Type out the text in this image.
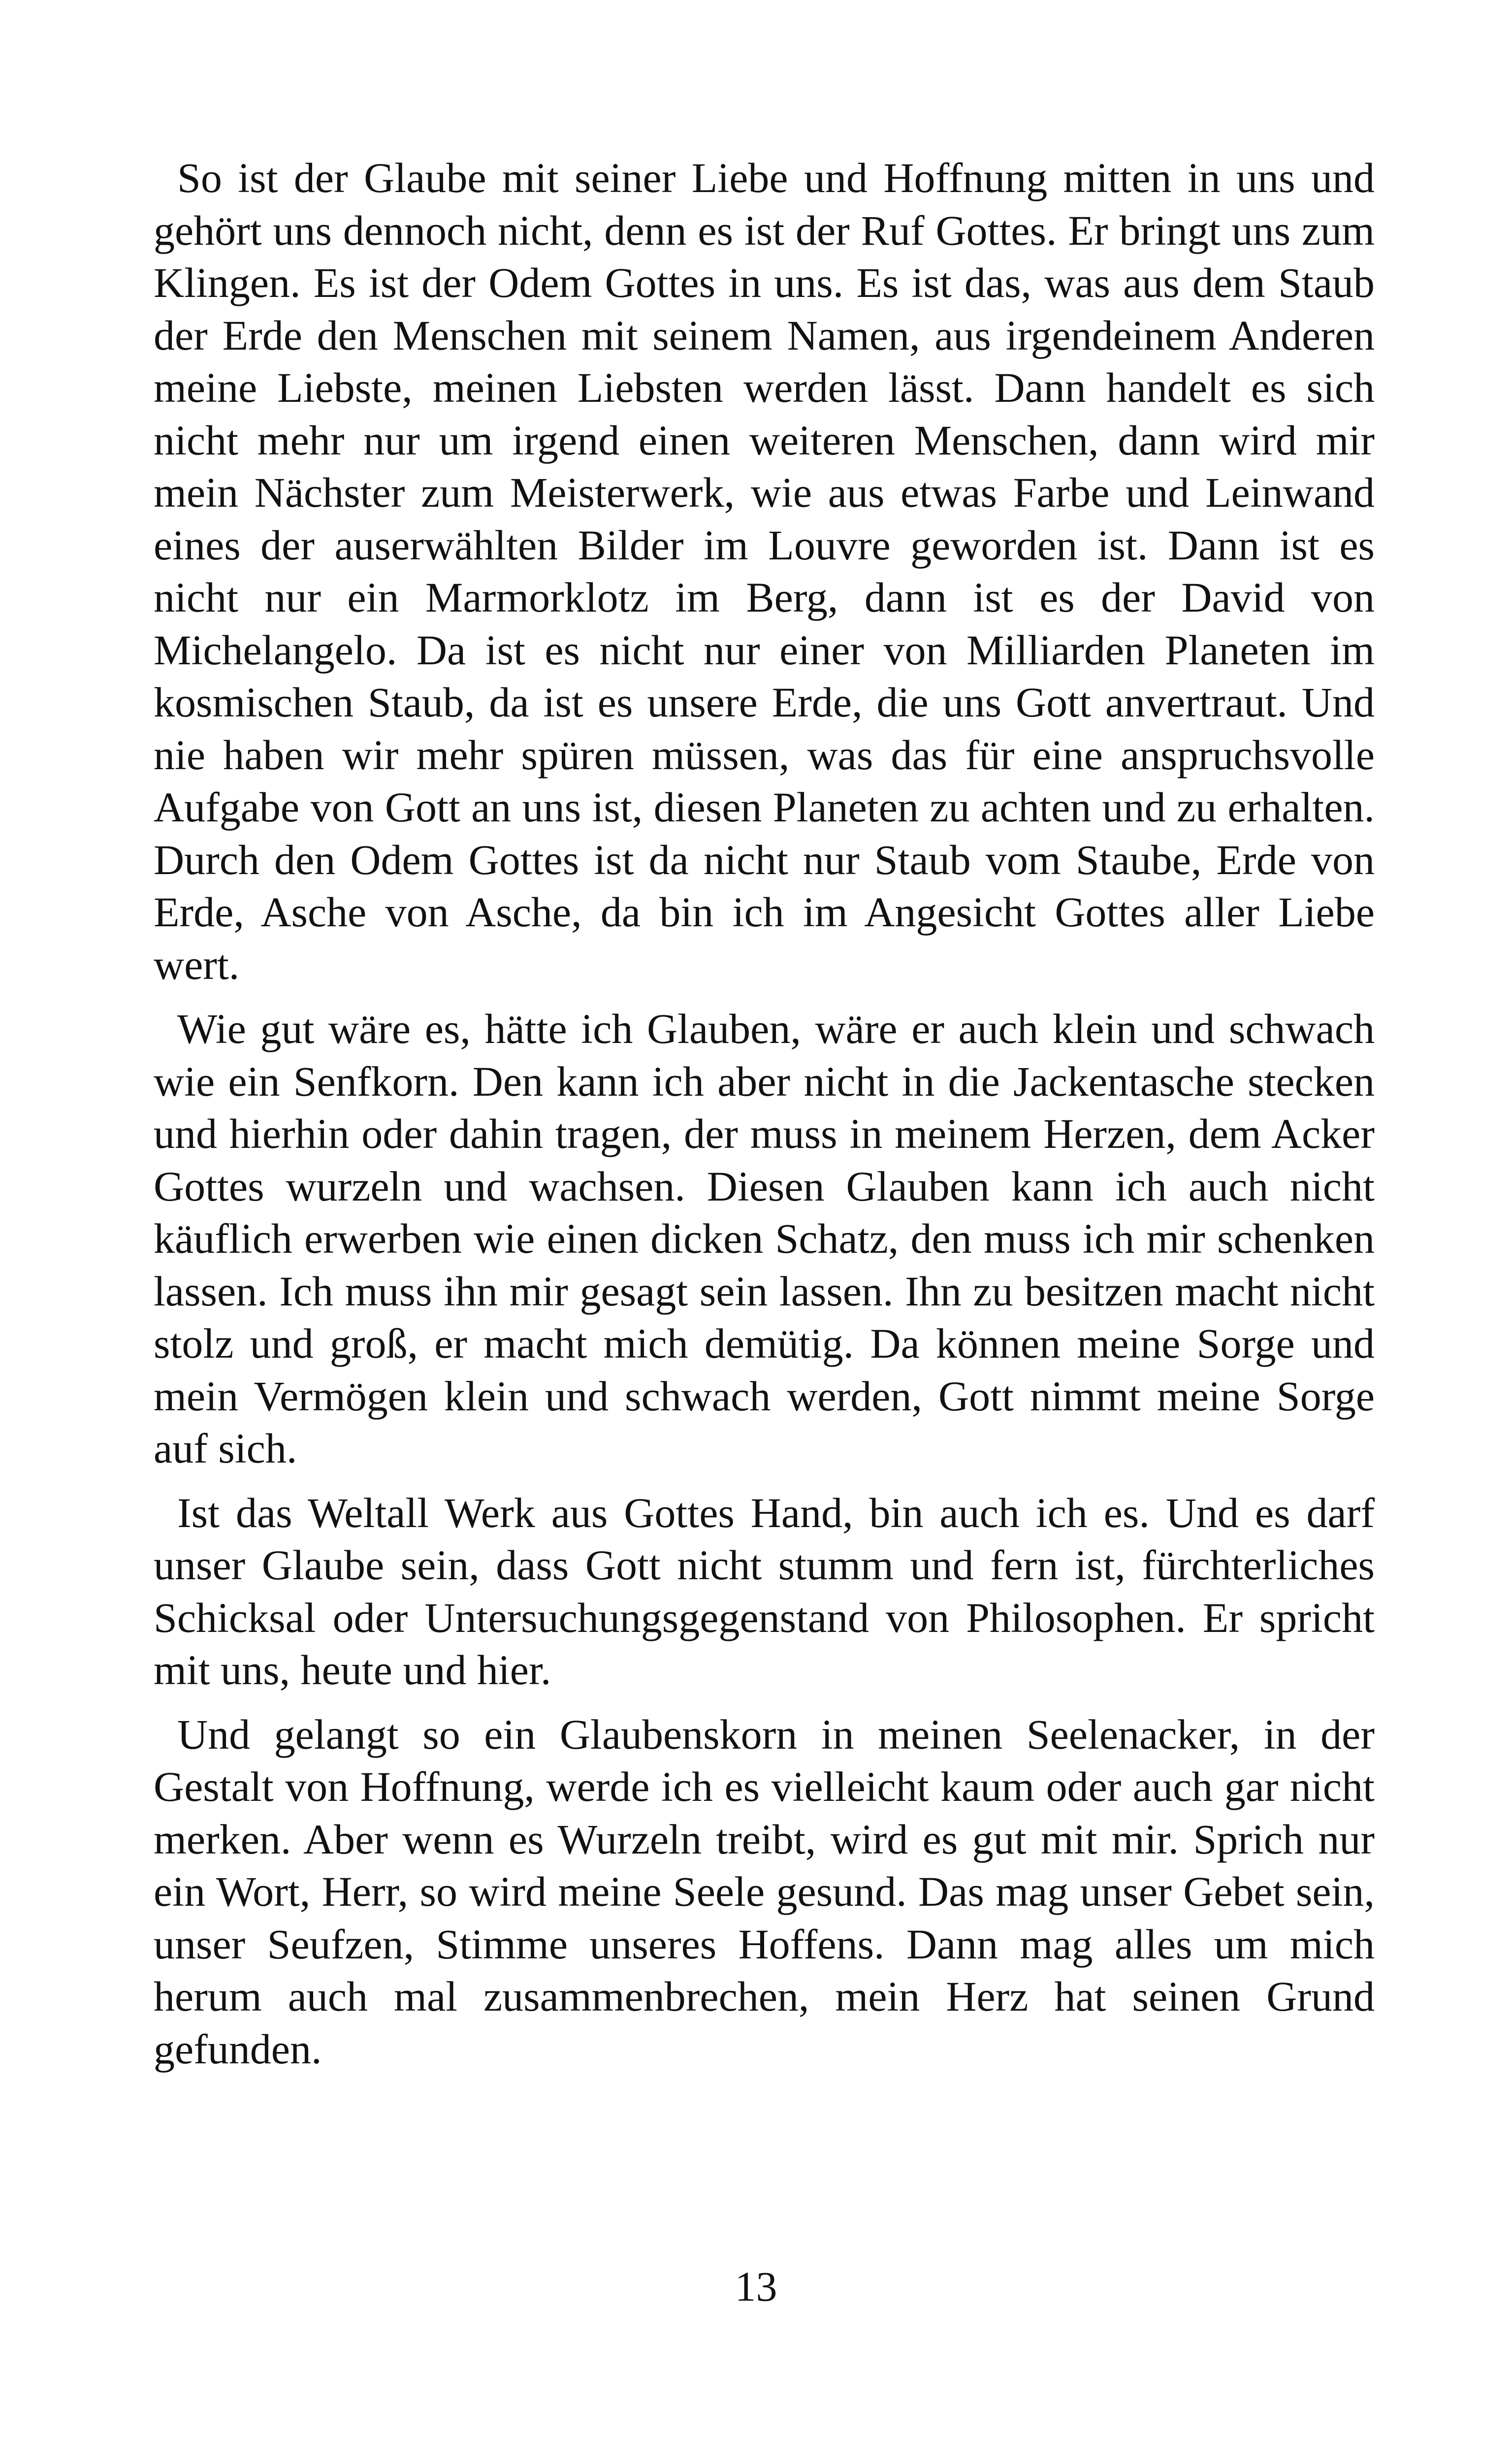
So ist der Glaube mit seiner Liebe und Hoffnung mitten in uns und gehört uns dennoch nicht, denn es ist der Ruf Gottes. Er bringt uns zum Klingen. Es ist der Odem Gottes in uns. Es ist das, was aus dem Staub der Erde den Menschen mit seinem Namen, aus irgendeinem Anderen meine Liebste, meinen Liebsten werden lässt. Dann handelt es sich nicht mehr nur um irgend einen weiteren Menschen, dann wird mir mein Nächster zum Meisterwerk, wie aus etwas Farbe und Leinwand eines der auserwählten Bilder im Louvre geworden ist. Dann ist es nicht nur ein Marmorklotz im Berg, dann ist es der David von Michelangelo. Da ist es nicht nur einer von Milliarden Planeten im kosmischen Staub, da ist es unsere Erde, die uns Gott anvertraut. Und nie haben wir mehr spüren müssen, was das für eine anspruchsvolle Aufgabe von Gott an uns ist, diesen Planeten zu achten und zu erhalten. Durch den Odem Gottes ist da nicht nur Staub vom Staube, Erde von Erde, Asche von Asche, da bin ich im Angesicht Gottes aller Liebe wert.

Wie gut wäre es, hätte ich Glauben, wäre er auch klein und schwach wie ein Senfkorn. Den kann ich aber nicht in die Jackentasche stecken und hierhin oder dahin tragen, der muss in meinem Herzen, dem Acker Gottes wurzeln und wachsen. Diesen Glauben kann ich auch nicht käuflich erwerben wie einen dicken Schatz, den muss ich mir schenken lassen. Ich muss ihn mir gesagt sein lassen. Ihn zu besitzen macht nicht stolz und groß, er macht mich demütig. Da können meine Sorge und mein Vermögen klein und schwach werden, Gott nimmt meine Sorge auf sich.

Ist das Weltall Werk aus Gottes Hand, bin auch ich es. Und es darf unser Glaube sein, dass Gott nicht stumm und fern ist, fürchterliches Schicksal oder Untersuchungsgegenstand von Philosophen. Er spricht mit uns, heute und hier.

Und gelangt so ein Glaubenskorn in meinen Seelenacker, in der Gestalt von Hoffnung, werde ich es vielleicht kaum oder auch gar nicht merken. Aber wenn es Wurzeln treibt, wird es gut mit mir. Sprich nur ein Wort, Herr, so wird meine Seele gesund. Das mag unser Gebet sein, unser Seufzen, Stimme unseres Hoffens. Dann mag alles um mich herum auch mal zusammenbrechen, mein Herz hat seinen Grund gefunden.

13
